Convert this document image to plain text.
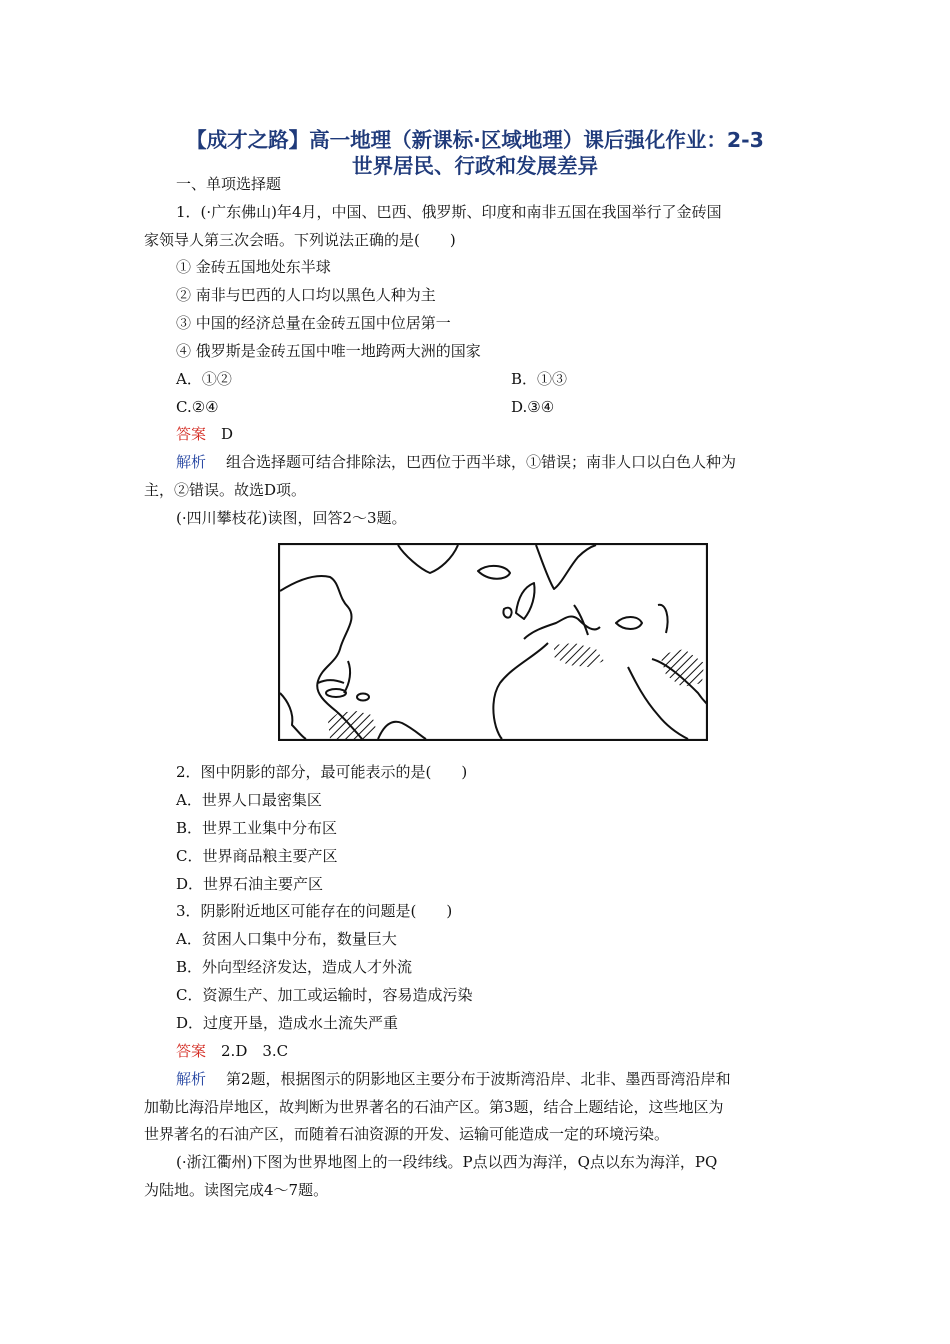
【成才之路】高一地理（新课标·区域地理）课后强化作业：2-3
世界居民、行政和发展差异
一、单项选择题
1．(·广东佛山)年4月，中国、巴西、俄罗斯、印度和南非五国在我国举行了金砖国
家领导人第三次会晤。下列说法正确的是(　　)
① 金砖五国地处东半球
② 南非与巴西的人口均以黑色人种为主
③ 中国的经济总量在金砖五国中位居第一
④ 俄罗斯是金砖五国中唯一地跨两大洲的国家
A．①②	B．①③
C.②④	D.③④
答案 D
解析 组合选择题可结合排除法，巴西位于西半球，①错误；南非人口以白色人种为
主，②错误。故选D项。
(·四川攀枝花)读图，回答2～3题。
2．图中阴影的部分，最可能表示的是(　　)
A．世界人口最密集区
B．世界工业集中分布区
C．世界商品粮主要产区
D．世界石油主要产区
3．阴影附近地区可能存在的问题是(　　)
A．贫困人口集中分布，数量巨大
B．外向型经济发达，造成人才外流
C．资源生产、加工或运输时，容易造成污染
D．过度开垦，造成水土流失严重
答案 2.D　3.C
解析 第2题，根据图示的阴影地区主要分布于波斯湾沿岸、北非、墨西哥湾沿岸和
加勒比海沿岸地区，故判断为世界著名的石油产区。第3题，结合上题结论，这些地区为
世界著名的石油产区，而随着石油资源的开发、运输可能造成一定的环境污染。
(·浙江衢州)下图为世界地图上的一段纬线。P点以西为海洋，Q点以东为海洋，PQ
为陆地。读图完成4～7题。
